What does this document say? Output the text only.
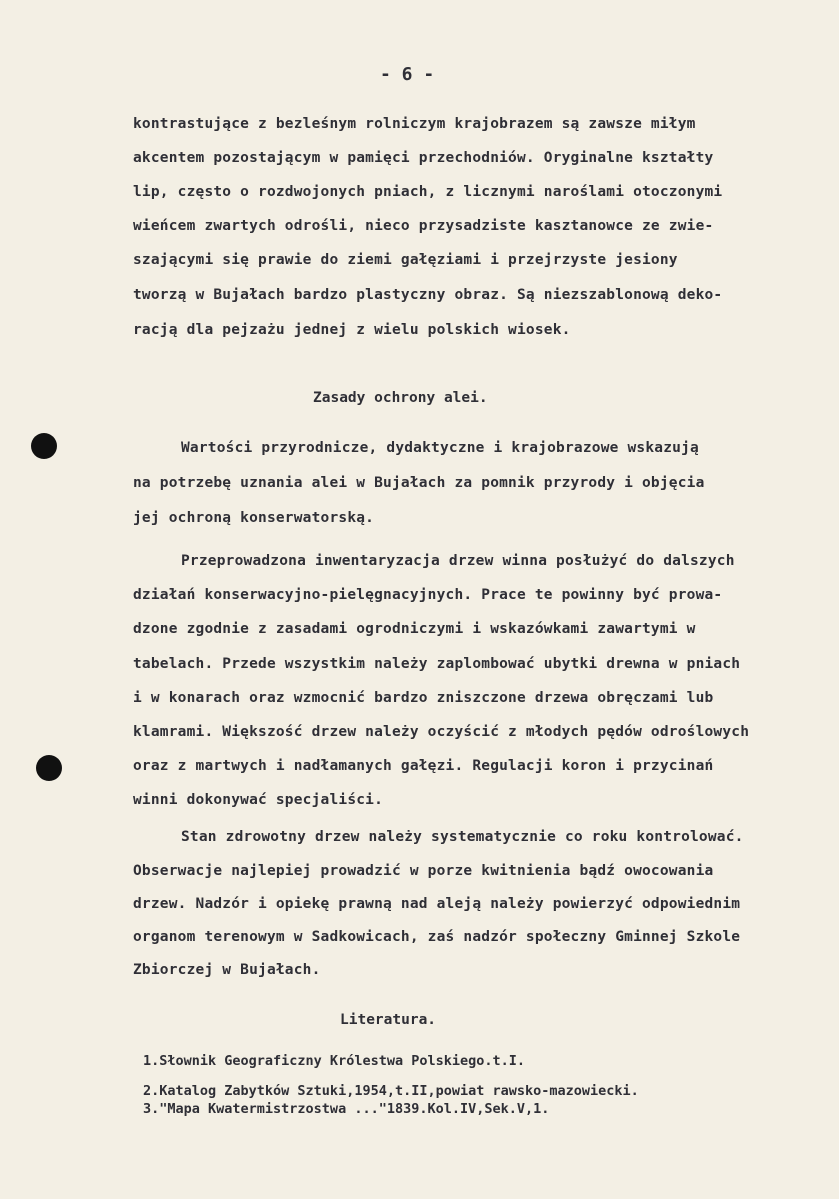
- 6 -
kontrastujące z bezleśnym rolniczym krajobrazem są zawsze miłym
akcentem pozostającym w pamięci przechodniów. Oryginalne kształty
lip, często o rozdwojonych pniach, z licznymi naroślami otoczonymi
wieńcem zwartych odrośli, nieco przysadziste kasztanowce ze zwie-
szającymi się prawie do ziemi gałęziami i przejrzyste jesiony
tworzą w Bujałach bardzo plastyczny obraz. Są niezszablonową deko-
racją dla pejzażu jednej z wielu polskich wiosek.
Zasady ochrony alei.
Wartości przyrodnicze, dydaktyczne i krajobrazowe wskazują
na potrzebę uznania alei w Bujałach za pomnik przyrody i objęcia
jej ochroną konserwatorską.
Przeprowadzona inwentaryzacja drzew winna posłużyć do dalszych
działań konserwacyjno-pielęgnacyjnych. Prace te powinny być prowa-
dzone zgodnie z zasadami ogrodniczymi i wskazówkami zawartymi w
tabelach. Przede wszystkim należy zaplombować ubytki drewna w pniach
i w konarach oraz wzmocnić bardzo zniszczone drzewa obręczami lub
klamrami. Większość drzew należy oczyścić z młodych pędów odroślowych
oraz z martwych i nadłamanych gałęzi. Regulacji koron i przycinań
winni dokonywać specjaliści.
Stan zdrowotny drzew należy systematycznie co roku kontrolować.
Obserwacje najlepiej prowadzić w porze kwitnienia bądź owocowania
drzew. Nadzór i opiekę prawną nad aleją należy powierzyć odpowiednim
organom terenowym w Sadkowicach, zaś nadzór społeczny Gminnej Szkole
Zbiorczej w Bujałach.
Literatura.
1.Słownik Geograficzny Królestwa Polskiego.t.I.
2.Katalog Zabytków Sztuki,1954,t.II,powiat rawsko-mazowiecki.
3."Mapa Kwatermistrzostwa ..."1839.Kol.IV,Sek.V,1.
